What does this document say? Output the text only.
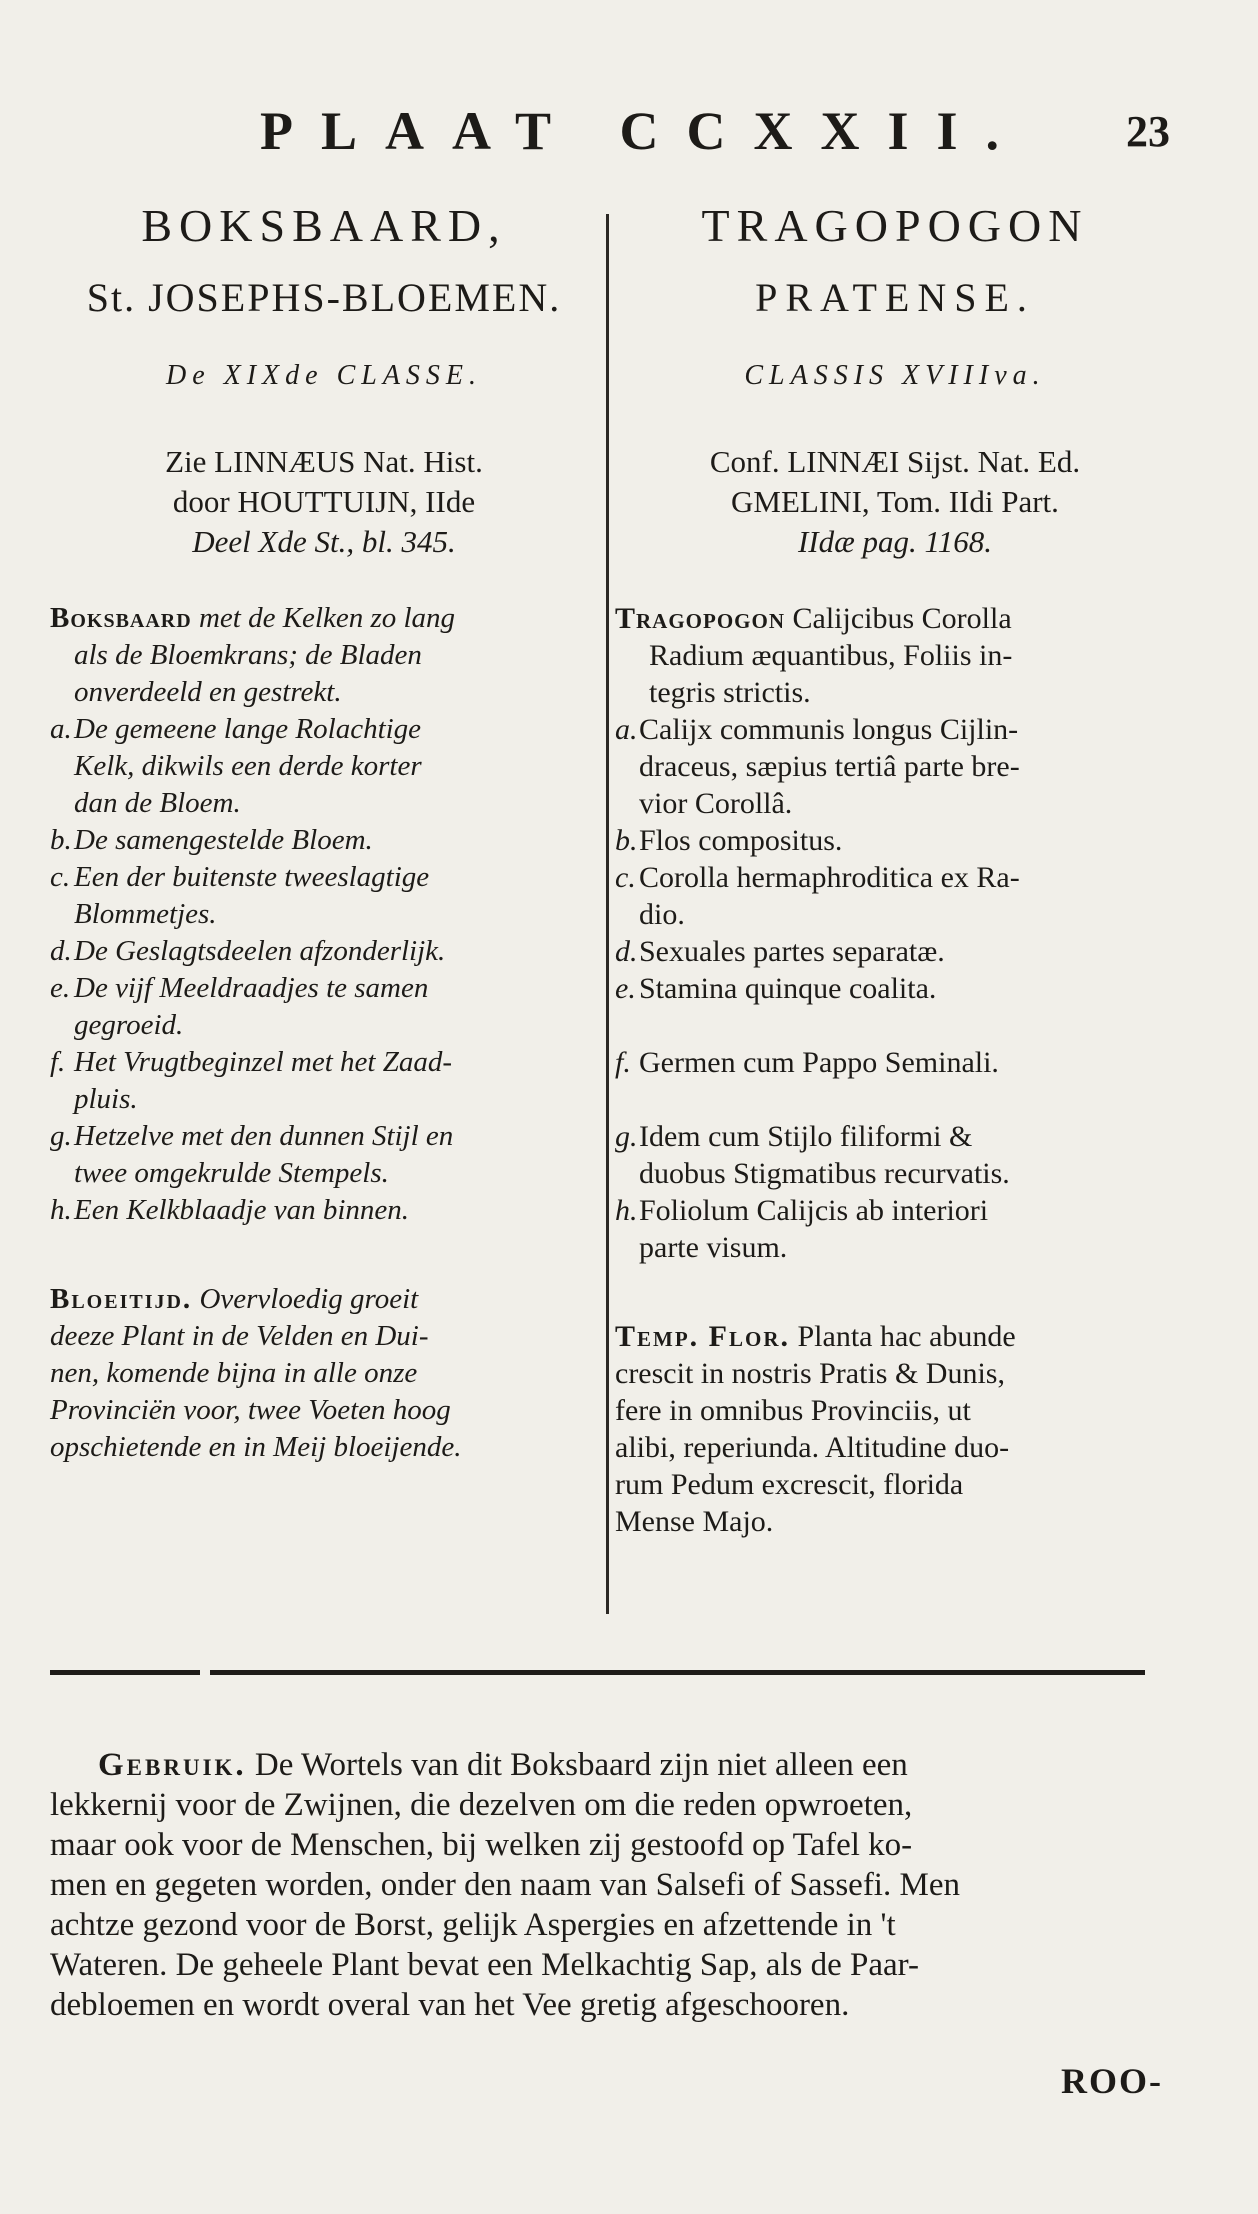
PLAAT CCXXII. 23
BOKSBAARD,
St. JOSEPHS-BLOEMEN.
De XIXde CLASSE.
Zie LINNÆUS Nat. Hist.
door HOUTTUIJN, IIde
Deel Xde St., bl. 345.
Boksbaard met de Kelken zo lang
als de Bloemkrans; de Bladen
onverdeeld en gestrekt.
a. De gemeene lange Rolachtige
Kelk, dikwils een derde korter
dan de Bloem.
b. De samengestelde Bloem.
c. Een der buitenste tweeslagtige
Blommetjes.
d. De Geslagtsdeelen afzonderlijk.
e. De vijf Meeldraadjes te samen
gegroeid.
f. Het Vrugtbeginzel met het Zaad-
pluis.
g. Hetzelve met den dunnen Stijl en
twee omgekrulde Stempels.
h. Een Kelkblaadje van binnen.
Bloeitijd. Overvloedig groeit
deeze Plant in de Velden en Dui-
nen, komende bijna in alle onze
Provinciën voor, twee Voeten hoog
opschietende en in Meij bloeijende.
TRAGOPOGON
PRATENSE.
CLASSIS XVIIIva.
Conf. LINNÆI Sijst. Nat. Ed.
GMELINI, Tom. IIdi Part.
IIdæ pag. 1168.
Tragopogon Calijcibus Corolla
Radium æquantibus, Foliis in-
tegris strictis.
a. Calijx communis longus Cijlin-
draceus, sæpius tertiâ parte bre-
vior Corollâ.
b. Flos compositus.
c. Corolla hermaphroditica ex Ra-
dio.
d. Sexuales partes separatæ.
e. Stamina quinque coalita.
f. Germen cum Pappo Seminali.
g. Idem cum Stijlo filiformi &
duobus Stigmatibus recurvatis.
h. Foliolum Calijcis ab interiori
parte visum.
Temp. Flor. Planta hac abunde
crescit in nostris Pratis & Dunis,
fere in omnibus Provinciis, ut
alibi, reperiunda. Altitudine duo-
rum Pedum excrescit, florida
Mense Majo.
Gebruik. De Wortels van dit Boksbaard zijn niet alleen een
lekkernij voor de Zwijnen, die dezelven om die reden opwroeten,
maar ook voor de Menschen, bij welken zij gestoofd op Tafel ko-
men en gegeten worden, onder den naam van Salsefi of Sassefi. Men
achtze gezond voor de Borst, gelijk Aspergies en afzettende in 't
Wateren. De geheele Plant bevat een Melkachtig Sap, als de Paar-
debloemen en wordt overal van het Vee gretig afgeschooren.
ROO-
